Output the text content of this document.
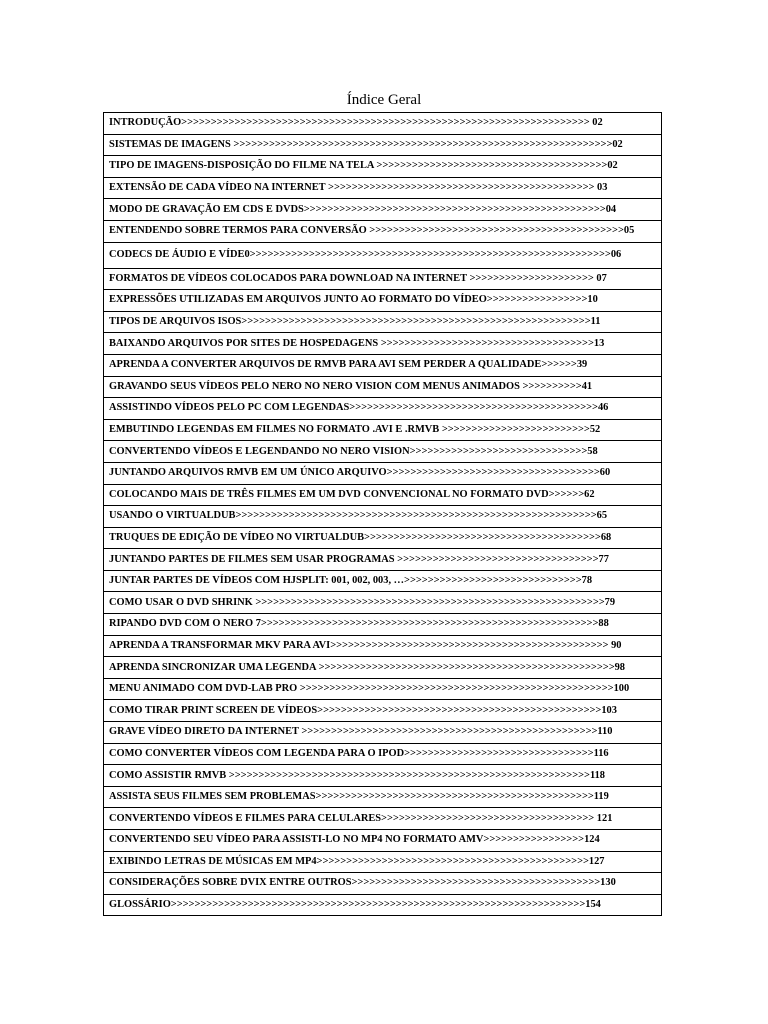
Índice Geral
INTRODUÇÃO>>>>>>>>>>>>>>>>>>>>>>>>>>>>>>>>>>>>>>>>>>>>>>>>>>>>>>>>>>>>>>>>>>>>> 02
SISTEMAS DE IMAGENS >>>>>>>>>>>>>>>>>>>>>>>>>>>>>>>>>>>>>>>>>>>>>>>>>>>>>>>>>>>>>>>>02
TIPO DE IMAGENS-DISPOSIÇÃO DO FILME NA TELA >>>>>>>>>>>>>>>>>>>>>>>>>>>>>>>>>>>>>>>02
EXTENSÃO DE CADA VÍDEO NA INTERNET >>>>>>>>>>>>>>>>>>>>>>>>>>>>>>>>>>>>>>>>>>>>> 03
MODO DE GRAVAÇÃO EM CDS E DVDS>>>>>>>>>>>>>>>>>>>>>>>>>>>>>>>>>>>>>>>>>>>>>>>>>>>04
ENTENDENDO SOBRE TERMOS PARA CONVERSÃO >>>>>>>>>>>>>>>>>>>>>>>>>>>>>>>>>>>>>>>>>>>05
CODECS DE ÁUDIO E VÍDE0>>>>>>>>>>>>>>>>>>>>>>>>>>>>>>>>>>>>>>>>>>>>>>>>>>>>>>>>>>>>>06
FORMATOS DE VÍDEOS COLOCADOS PARA DOWNLOAD NA INTERNET >>>>>>>>>>>>>>>>>>>>> 07
EXPRESSÕES UTILIZADAS EM ARQUIVOS JUNTO AO FORMATO DO VÍDEO>>>>>>>>>>>>>>>>>10
TIPOS DE ARQUIVOS ISOS>>>>>>>>>>>>>>>>>>>>>>>>>>>>>>>>>>>>>>>>>>>>>>>>>>>>>>>>>>>11
BAIXANDO ARQUIVOS POR SITES DE HOSPEDAGENS >>>>>>>>>>>>>>>>>>>>>>>>>>>>>>>>>>>>13
APRENDA A CONVERTER ARQUIVOS DE RMVB PARA AVI SEM PERDER A QUALIDADE>>>>>>39
GRAVANDO SEUS VÍDEOS PELO NERO NO NERO VISION COM MENUS ANIMADOS >>>>>>>>>>41
ASSISTINDO VÍDEOS PELO PC COM LEGENDAS>>>>>>>>>>>>>>>>>>>>>>>>>>>>>>>>>>>>>>>>>>46
EMBUTINDO LEGENDAS EM FILMES NO FORMATO .AVI E .RMVB >>>>>>>>>>>>>>>>>>>>>>>>>52
CONVERTENDO VÍDEOS E LEGENDANDO NO NERO VISION>>>>>>>>>>>>>>>>>>>>>>>>>>>>>>58
JUNTANDO ARQUIVOS RMVB EM UM ÚNICO ARQUIVO>>>>>>>>>>>>>>>>>>>>>>>>>>>>>>>>>>>>60
COLOCANDO MAIS DE TRÊS FILMES EM UM DVD CONVENCIONAL NO FORMATO DVD>>>>>>62
USANDO O VIRTUALDUB>>>>>>>>>>>>>>>>>>>>>>>>>>>>>>>>>>>>>>>>>>>>>>>>>>>>>>>>>>>>>65
TRUQUES DE EDIÇÃO DE VÍDEO NO VIRTUALDUB>>>>>>>>>>>>>>>>>>>>>>>>>>>>>>>>>>>>>>>>68
JUNTANDO PARTES DE FILMES SEM USAR PROGRAMAS >>>>>>>>>>>>>>>>>>>>>>>>>>>>>>>>>>77
JUNTAR PARTES DE VÍDEOS COM HJSPLIT: 001, 002, 003, …>>>>>>>>>>>>>>>>>>>>>>>>>>>>>>78
COMO USAR O DVD SHRINK >>>>>>>>>>>>>>>>>>>>>>>>>>>>>>>>>>>>>>>>>>>>>>>>>>>>>>>>>>>79
RIPANDO DVD COM O NERO 7>>>>>>>>>>>>>>>>>>>>>>>>>>>>>>>>>>>>>>>>>>>>>>>>>>>>>>>>>88
APRENDA A TRANSFORMAR MKV PARA AVI>>>>>>>>>>>>>>>>>>>>>>>>>>>>>>>>>>>>>>>>>>>>>>> 90
APRENDA SINCRONIZAR UMA LEGENDA >>>>>>>>>>>>>>>>>>>>>>>>>>>>>>>>>>>>>>>>>>>>>>>>>>98
MENU ANIMADO COM DVD-LAB PRO >>>>>>>>>>>>>>>>>>>>>>>>>>>>>>>>>>>>>>>>>>>>>>>>>>>>>100
COMO TIRAR PRINT SCREEN DE VÍDEOS>>>>>>>>>>>>>>>>>>>>>>>>>>>>>>>>>>>>>>>>>>>>>>>>103
GRAVE VÍDEO DIRETO DA INTERNET >>>>>>>>>>>>>>>>>>>>>>>>>>>>>>>>>>>>>>>>>>>>>>>>>>110
COMO CONVERTER VÍDEOS COM LEGENDA PARA O IPOD>>>>>>>>>>>>>>>>>>>>>>>>>>>>>>>>116
COMO ASSISTIR RMVB >>>>>>>>>>>>>>>>>>>>>>>>>>>>>>>>>>>>>>>>>>>>>>>>>>>>>>>>>>>>>118
ASSISTA SEUS FILMES SEM PROBLEMAS>>>>>>>>>>>>>>>>>>>>>>>>>>>>>>>>>>>>>>>>>>>>>>>119
CONVERTENDO VÍDEOS E FILMES PARA CELULARES>>>>>>>>>>>>>>>>>>>>>>>>>>>>>>>>>>>> 121
CONVERTENDO SEU VÍDEO PARA ASSISTI-LO NO MP4 NO FORMATO AMV>>>>>>>>>>>>>>>>>124
EXIBINDO LETRAS DE MÚSICAS EM MP4>>>>>>>>>>>>>>>>>>>>>>>>>>>>>>>>>>>>>>>>>>>>>>127
CONSIDERAÇÕES SOBRE DVIX ENTRE OUTROS>>>>>>>>>>>>>>>>>>>>>>>>>>>>>>>>>>>>>>>>>>130
GLOSSÁRIO>>>>>>>>>>>>>>>>>>>>>>>>>>>>>>>>>>>>>>>>>>>>>>>>>>>>>>>>>>>>>>>>>>>>>>154
